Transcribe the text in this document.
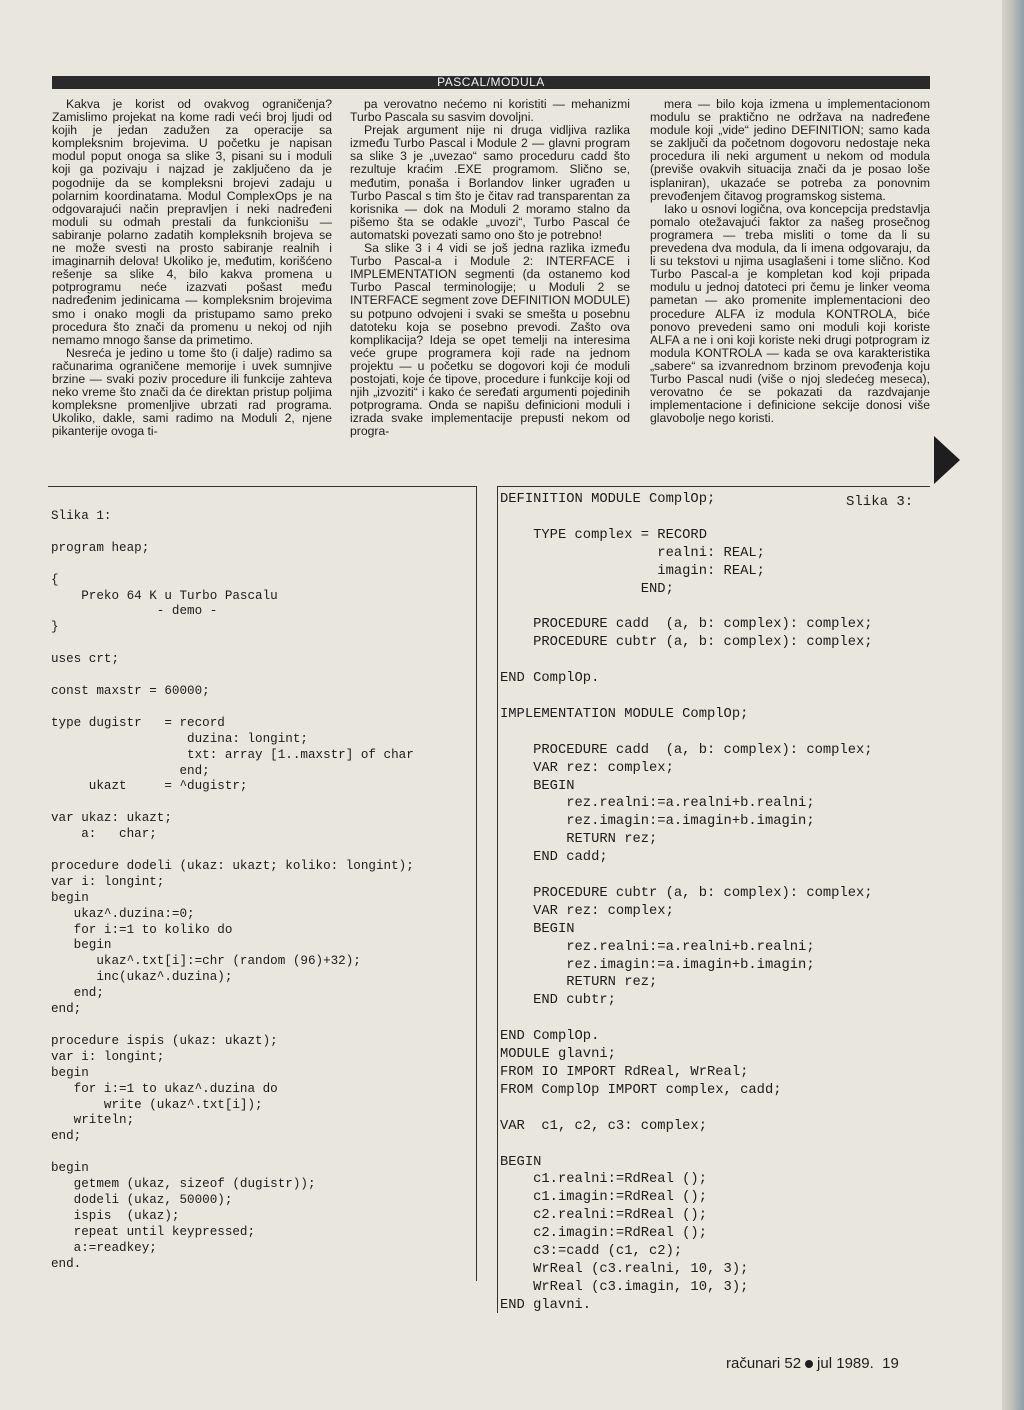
PASCAL/MODULA

Kakva je korist od ovakvog ograničenja? Zamislimo projekat na kome radi veći broj ljudi od kojih je jedan zadužen za operacije sa kompleksnim brojevima. U početku je napisan modul poput onoga sa slike 3, pisani su i moduli koji ga pozivaju i najzad je zaključeno da je pogodnije da se kompleksni brojevi zadaju u polarnim koordinatama. Modul ComplexOps je na odgovarajući način prepravljen i neki nadređeni moduli su odmah prestali da funkcionišu — sabiranje polarno zadatih kompleksnih brojeva se ne može svesti na prosto sabiranje realnih i imaginarnih delova! Ukoliko je, međutim, korišćeno rešenje sa slike 4, bilo kakva promena u potprogramu neće izazvati pošast među nadređenim jedinicama — kompleksnim brojevima smo i onako mogli da pristupamo samo preko procedura što znači da promenu u nekoj od njih nemamo mnogo šanse da primetimo.

Nesreća je jedino u tome što (i dalje) radimo sa računarima ograničene memorije i uvek sumnjive brzine — svaki poziv procedure ili funkcije zahteva neko vreme što znači da će direktan pristup poljima kompleksne promenljive ubrzati rad programa. Ukoliko, dakle, sami radimo na Moduli 2, njene pikanterije ovoga ti-

pa verovatno nećemo ni koristiti — mehanizmi Turbo Pascala su sasvim dovoljni.

Prejak argument nije ni druga vidljiva razlika između Turbo Pascal i Module 2 — glavni program sa slike 3 je „uvezao“ samo proceduru cadd što rezultuje kraćim .EXE programom. Slično se, međutim, ponaša i Borlandov linker ugrađen u Turbo Pascal s tim što je čitav rad transparentan za korisnika — dok na Moduli 2 moramo stalno da pišemo šta se odakle „uvozi“, Turbo Pascal će automatski povezati samo ono što je potrebno!

Sa slike 3 i 4 vidi se još jedna razlika između Turbo Pascal-a i Module 2: INTERFACE i IMPLEMENTATION segmenti (da ostanemo kod Turbo Pascal terminologije; u Moduli 2 se INTERFACE segment zove DEFINITION MODULE) su potpuno odvojeni i svaki se smešta u posebnu datoteku koja se posebno prevodi. Zašto ova komplikacija? Ideja se opet temelji na interesima veće grupe programera koji rade na jednom projektu — u početku se dogovori koji će moduli postojati, koje će tipove, procedure i funkcije koji od njih „izvoziti“ i kako će seređati argumenti pojedinih potprograma. Onda se napišu definicioni moduli i izrada svake implementacije prepusti nekom od progra-

mera — bilo koja izmena u implementacionom modulu se praktično ne održava na nadređene module koji „vide“ jedino DEFINITION; samo kada se zaključi da početnom dogovoru nedostaje neka procedura ili neki argument u nekom od modula (previše ovakvih situacija znači da je posao loše isplaniran), ukazaće se potreba za ponovnim prevođenjem čitavog programskog sistema.

Iako u osnovi logična, ova koncepcija predstavlja pomalo otežavajući faktor za našeg prosečnog programera — treba misliti o tome da li su prevedena dva modula, da li imena odgovaraju, da li su tekstovi u njima usaglašeni i tome slično. Kod Turbo Pascal-a je kompletan kod koji pripada modulu u jednoj datoteci pri čemu je linker veoma pametan — ako promenite implementacioni deo procedure ALFA iz modula KONTROLA, biće ponovo prevedeni samo oni moduli koji koriste ALFA a ne i oni koji koriste neki drugi potprogram iz modula KONTROLA — kada se ova karakteristika „saberе“ sa izvanrednom brzinom prevođenja koju Turbo Pascal nudi (više o njoj sledećeg meseca), verovatno će se pokazati da razdvajanje implementacione i definicione sekcije donosi više glavobolje nego koristi.

Slika 1:

program heap;

{
Preko 64 K u Turbo Pascalu
- demo -
}

uses crt;

const maxstr = 60000;

type dugistr   = record
duzina: longint;
txt: array [1..maxstr] of char
end;
ukazt     = ^dugistr;

var ukaz: ukazt;
a:   char;

procedure dodeli (ukaz: ukazt; koliko: longint);
var i: longint;
begin
ukaz^.duzina:=0;
for i:=1 to koliko do
begin
ukaz^.txt[i]:=chr (random (96)+32);
inc(ukaz^.duzina);
end;
end;

procedure ispis (ukaz: ukazt);
var i: longint;
begin
for i:=1 to ukaz^.duzina do
write (ukaz^.txt[i]);
writeln;
end;

begin
getmem (ukaz, sizeof (dugistr));
dodeli (ukaz, 50000);
ispis  (ukaz);
repeat until keypressed;
a:=readkey;
end.
DEFINITION MODULE ComplOp;

TYPE complex = RECORD
realni: REAL;
imagin: REAL;
END;

PROCEDURE cadd  (a, b: complex): complex;
PROCEDURE cubtr (a, b: complex): complex;

END ComplOp.

IMPLEMENTATION MODULE ComplOp;

PROCEDURE cadd  (a, b: complex): complex;
VAR rez: complex;
BEGIN
rez.realni:=a.realni+b.realni;
rez.imagin:=a.imagin+b.imagin;
RETURN rez;
END cadd;

PROCEDURE cubtr (a, b: complex): complex;
VAR rez: complex;
BEGIN
rez.realni:=a.realni+b.realni;
rez.imagin:=a.imagin+b.imagin;
RETURN rez;
END cubtr;

END ComplOp.
MODULE glavni;
FROM IO IMPORT RdReal, WrReal;
FROM ComplOp IMPORT complex, cadd;

VAR  c1, c2, c3: complex;

BEGIN
c1.realni:=RdReal ();
c1.imagin:=RdReal ();
c2.realni:=RdReal ();
c2.imagin:=RdReal ();
c3:=cadd (c1, c2);
WrReal (c3.realni, 10, 3);
WrReal (c3.imagin, 10, 3);
END glavni.
Slika 3:
računari 52 jul 1989. 19
